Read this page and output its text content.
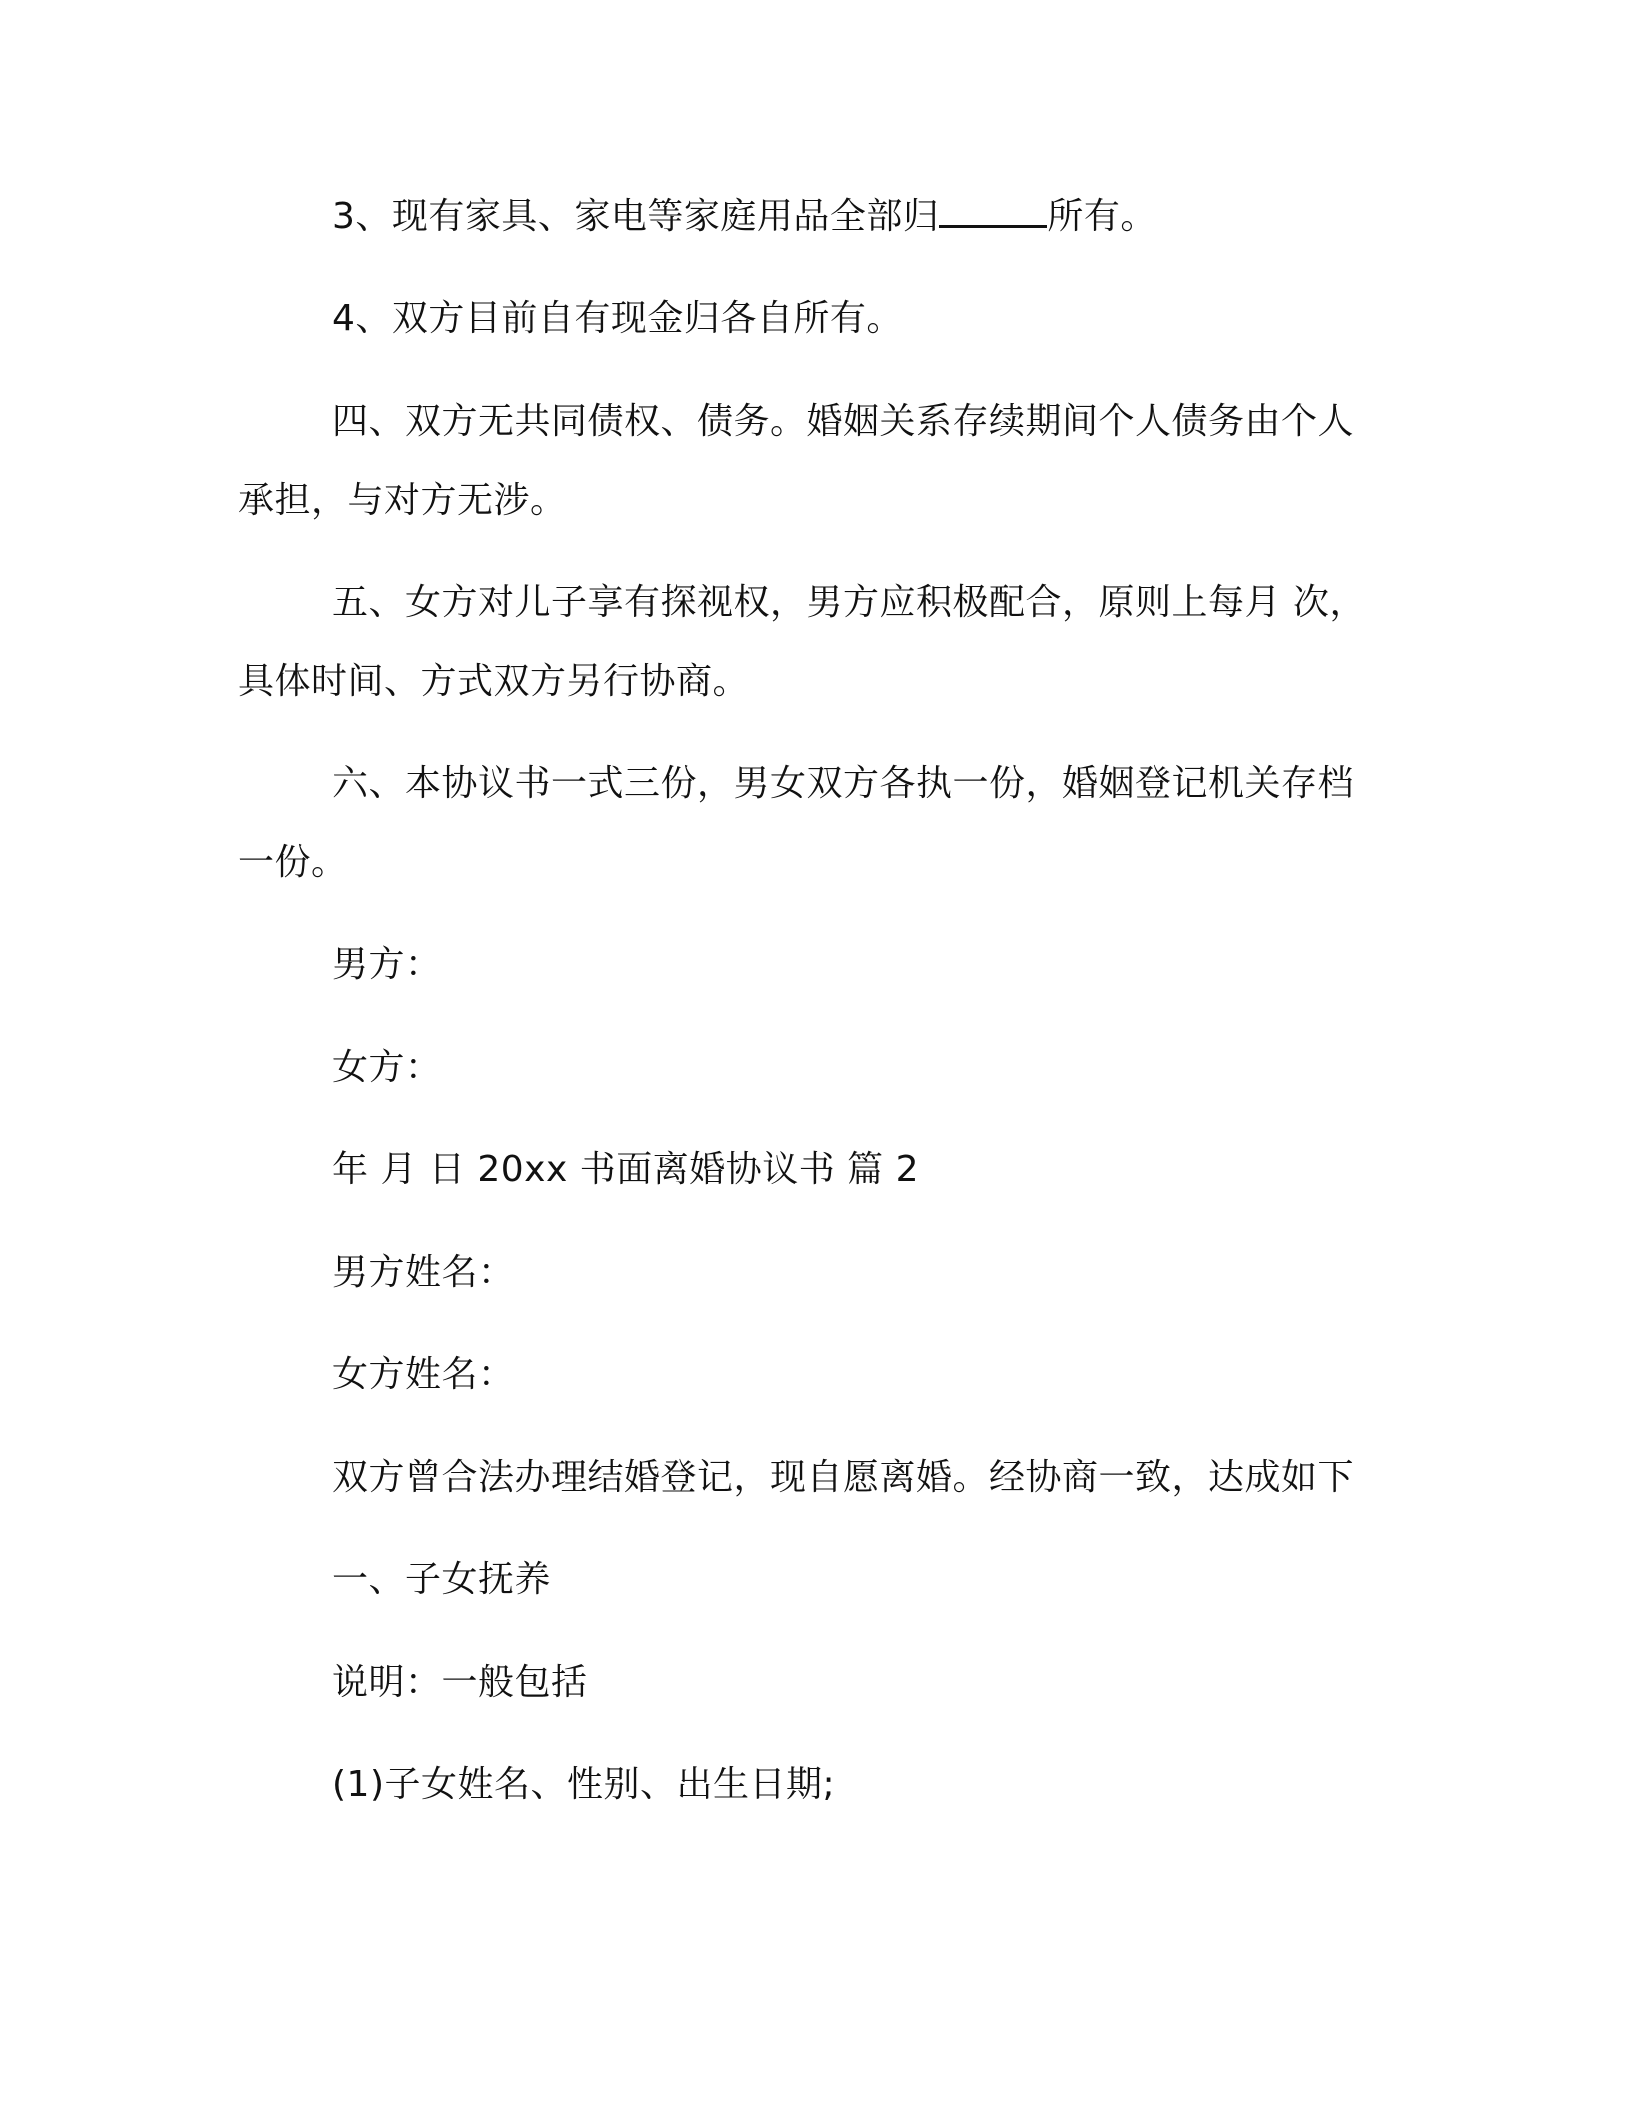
3、现有家具、家电等家庭用品全部归	所有。
4、双方目前自有现金归各自所有。
四、双方无共同债权、债务。婚姻关系存续期间个人债务由个人
承担，与对方无涉。
五、女方对儿子享有探视权，男方应积极配合，原则上每月 次，
具体时间、方式双方另行协商。
六、本协议书一式三份，男女双方各执一份，婚姻登记机关存档
一份。
男方：
女方：
年 月 日 20xx 书面离婚协议书 篇 2
男方姓名：
女方姓名：
双方曾合法办理结婚登记，现自愿离婚。经协商一致，达成如下
一、子女抚养
说明：一般包括
(1)子女姓名、性别、出生日期;
